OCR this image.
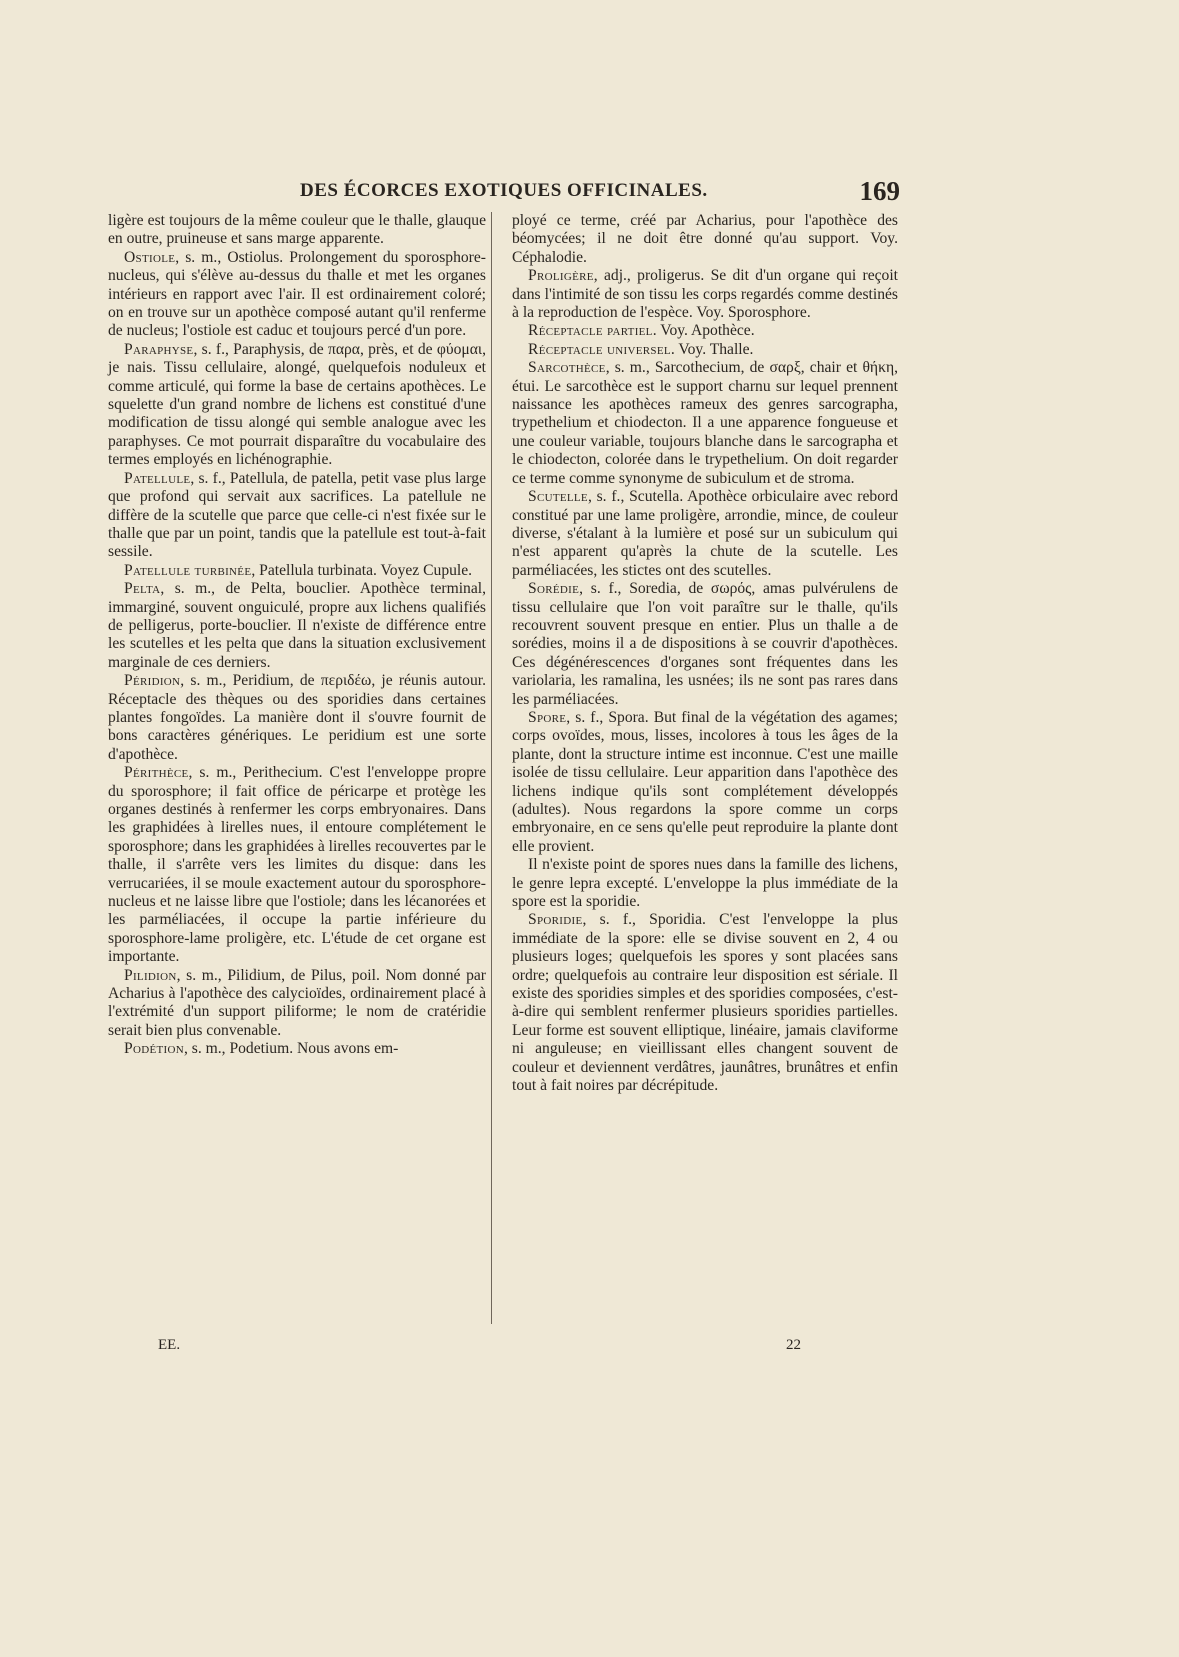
DES ÉCORCES EXOTIQUES OFFICINALES.	169

ligère est toujours de la même couleur que le thalle, glauque en outre, pruineuse et sans marge apparente.

Ostiole, s. m., Ostiolus. Prolongement du sporosphore-nucleus, qui s'élève au-dessus du thalle et met les organes intérieurs en rapport avec l'air. Il est ordinairement coloré; on en trouve sur un apothèce composé autant qu'il renferme de nucleus; l'ostiole est caduc et toujours percé d'un pore.

Paraphyse, s. f., Paraphysis, de παρα, près, et de φύομαι, je nais. Tissu cellulaire, alongé, quelquefois noduleux et comme articulé, qui forme la base de certains apothèces. Le squelette d'un grand nombre de lichens est constitué d'une modification de tissu alongé qui semble analogue avec les paraphyses. Ce mot pourrait disparaître du vocabulaire des termes employés en lichénographie.

Patellule, s. f., Patellula, de patella, petit vase plus large que profond qui servait aux sacrifices. La patellule ne diffère de la scutelle que parce que celle-ci n'est fixée sur le thalle que par un point, tandis que la patellule est tout-à-fait sessile.

Patellule turbinée, Patellula turbinata. Voyez Cupule.

Pelta, s. m., de Pelta, bouclier. Apothèce terminal, immarginé, souvent onguiculé, propre aux lichens qualifiés de pelligerus, porte-bouclier. Il n'existe de différence entre les scutelles et les pelta que dans la situation exclusivement marginale de ces derniers.

Péridion, s. m., Peridium, de περιδέω, je réunis autour. Réceptacle des thèques ou des sporidies dans certaines plantes fongoïdes. La manière dont il s'ouvre fournit de bons caractères génériques. Le peridium est une sorte d'apothèce.

Périthèce, s. m., Perithecium. C'est l'enveloppe propre du sporosphore; il fait office de péricarpe et protège les organes destinés à renfermer les corps embryonaires. Dans les graphidées à lirelles nues, il entoure complétement le sporosphore; dans les graphidées à lirelles recouvertes par le thalle, il s'arrête vers les limites du disque: dans les verrucariées, il se moule exactement autour du sporosphore-nucleus et ne laisse libre que l'ostiole; dans les lécanorées et les parméliacées, il occupe la partie inférieure du sporosphore-lame proligère, etc. L'étude de cet organe est importante.

Pilidion, s. m., Pilidium, de Pilus, poil. Nom donné par Acharius à l'apothèce des calycioïdes, ordinairement placé à l'extrémité d'un support piliforme; le nom de cratéridie serait bien plus convenable.

Podétion, s. m., Podetium. Nous avons em-

ployé ce terme, créé par Acharius, pour l'apothèce des béomycées; il ne doit être donné qu'au support. Voy. Céphalodie.

Proligère, adj., proligerus. Se dit d'un organe qui reçoit dans l'intimité de son tissu les corps regardés comme destinés à la reproduction de l'espèce. Voy. Sporosphore.

Réceptacle partiel. Voy. Apothèce.

Réceptacle universel. Voy. Thalle.

Sarcothèce, s. m., Sarcothecium, de σαρξ, chair et θήκη, étui. Le sarcothèce est le support charnu sur lequel prennent naissance les apothèces rameux des genres sarcographa, trypethelium et chiodecton. Il a une apparence fongueuse et une couleur variable, toujours blanche dans le sarcographa et le chiodecton, colorée dans le trypethelium. On doit regarder ce terme comme synonyme de subiculum et de stroma.

Scutelle, s. f., Scutella. Apothèce orbiculaire avec rebord constitué par une lame proligère, arrondie, mince, de couleur diverse, s'étalant à la lumière et posé sur un subiculum qui n'est apparent qu'après la chute de la scutelle. Les parméliacées, les stictes ont des scutelles.

Sorédie, s. f., Soredia, de σωρός, amas pulvérulens de tissu cellulaire que l'on voit paraître sur le thalle, qu'ils recouvrent souvent presque en entier. Plus un thalle a de sorédies, moins il a de dispositions à se couvrir d'apothèces. Ces dégénérescences d'organes sont fréquentes dans les variolaria, les ramalina, les usnées; ils ne sont pas rares dans les parméliacées.

Spore, s. f., Spora. But final de la végétation des agames; corps ovoïdes, mous, lisses, incolores à tous les âges de la plante, dont la structure intime est inconnue. C'est une maille isolée de tissu cellulaire. Leur apparition dans l'apothèce des lichens indique qu'ils sont complétement développés (adultes). Nous regardons la spore comme un corps embryonaire, en ce sens qu'elle peut reproduire la plante dont elle provient.

Il n'existe point de spores nues dans la famille des lichens, le genre lepra excepté. L'enveloppe la plus immédiate de la spore est la sporidie.

Sporidie, s. f., Sporidia. C'est l'enveloppe la plus immédiate de la spore: elle se divise souvent en 2, 4 ou plusieurs loges; quelquefois les spores y sont placées sans ordre; quelquefois au contraire leur disposition est sériale. Il existe des sporidies simples et des sporidies composées, c'est-à-dire qui semblent renfermer plusieurs sporidies partielles. Leur forme est souvent elliptique, linéaire, jamais claviforme ni anguleuse; en vieillissant elles changent souvent de couleur et deviennent verdâtres, jaunâtres, brunâtres et enfin tout à fait noires par décrépitude.

EE.	22
